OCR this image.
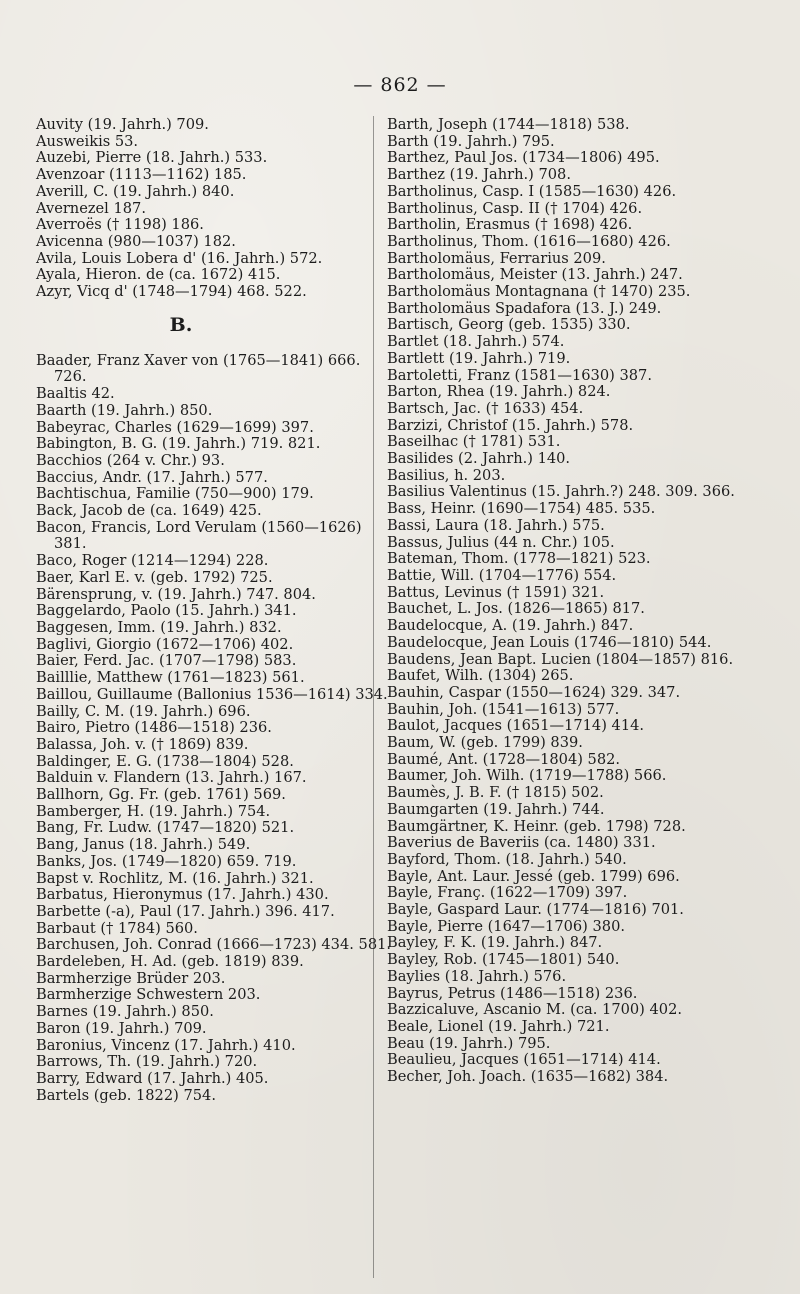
— 862 —

Auvity (19. Jahrh.) 709.

Ausweikis 53.

Auzebi, Pierre (18. Jahrh.) 533.

Avenzoar (1113—1162) 185.

Averill, C. (19. Jahrh.) 840.

Avernezel 187.

Averroës († 1198) 186.

Avicenna (980—1037) 182.

Avila, Louis Lobera d' (16. Jahrh.) 572.

Ayala, Hieron. de (ca. 1672) 415.

Azyr, Vicq d' (1748—1794) 468. 522.

B.

Baader, Franz Xaver von (1765—1841) 666. 726.

Baaltis 42.

Baarth (19. Jahrh.) 850.

Babeyrac, Charles (1629—1699) 397.

Babington, B. G. (19. Jahrh.) 719. 821.

Bacchios (264 v. Chr.) 93.

Baccius, Andr. (17. Jahrh.) 577.

Bachtischua, Familie (750—900) 179.

Back, Jacob de (ca. 1649) 425.

Bacon, Francis, Lord Verulam (1560—1626) 381.

Baco, Roger (1214—1294) 228.

Baer, Karl E. v. (geb. 1792) 725.

Bärensprung, v. (19. Jahrh.) 747. 804.

Baggelardo, Paolo (15. Jahrh.) 341.

Baggesen, Imm. (19. Jahrh.) 832.

Baglivi, Giorgio (1672—1706) 402.

Baier, Ferd. Jac. (1707—1798) 583.

Bailllie, Matthew (1761—1823) 561.

Baillou, Guillaume (Ballonius 1536—1614) 334.

Bailly, C. M. (19. Jahrh.) 696.

Bairo, Pietro (1486—1518) 236.

Balassa, Joh. v. († 1869) 839.

Baldinger, E. G. (1738—1804) 528.

Balduin v. Flandern (13. Jahrh.) 167.

Ballhorn, Gg. Fr. (geb. 1761) 569.

Bamberger, H. (19. Jahrh.) 754.

Bang, Fr. Ludw. (1747—1820) 521.

Bang, Janus (18. Jahrh.) 549.

Banks, Jos. (1749—1820) 659. 719.

Bapst v. Rochlitz, M. (16. Jahrh.) 321.

Barbatus, Hieronymus (17. Jahrh.) 430.

Barbette (-a), Paul (17. Jahrh.) 396. 417.

Barbaut († 1784) 560.

Barchusen, Joh. Conrad (1666—1723) 434. 581.

Bardeleben, H. Ad. (geb. 1819) 839.

Barmherzige Brüder 203.

Barmherzige Schwestern 203.

Barnes (19. Jahrh.) 850.

Baron (19. Jahrh.) 709.

Baronius, Vincenz (17. Jahrh.) 410.

Barrows, Th. (19. Jahrh.) 720.

Barry, Edward (17. Jahrh.) 405.

Bartels (geb. 1822) 754.

Barth, Joseph (1744—1818) 538.

Barth (19. Jahrh.) 795.

Barthez, Paul Jos. (1734—1806) 495.

Barthez (19. Jahrh.) 708.

Bartholinus, Casp. I (1585—1630) 426.

Bartholinus, Casp. II († 1704) 426.

Bartholin, Erasmus († 1698) 426.

Bartholinus, Thom. (1616—1680) 426.

Bartholomäus, Ferrarius 209.

Bartholomäus, Meister (13. Jahrh.) 247.

Bartholomäus Montagnana († 1470) 235.

Bartholomäus Spadafora (13. J.) 249.

Bartisch, Georg (geb. 1535) 330.

Bartlet (18. Jahrh.) 574.

Bartlett (19. Jahrh.) 719.

Bartoletti, Franz (1581—1630) 387.

Barton, Rhea (19. Jahrh.) 824.

Bartsch, Jac. († 1633) 454.

Barzizi, Christof (15. Jahrh.) 578.

Baseilhac († 1781) 531.

Basilides (2. Jahrh.) 140.

Basilius, h. 203.

Basilius Valentinus (15. Jahrh.?) 248. 309. 366.

Bass, Heinr. (1690—1754) 485. 535.

Bassi, Laura (18. Jahrh.) 575.

Bassus, Julius (44 n. Chr.) 105.

Bateman, Thom. (1778—1821) 523.

Battie, Will. (1704—1776) 554.

Battus, Levinus († 1591) 321.

Bauchet, L. Jos. (1826—1865) 817.

Baudelocque, A. (19. Jahrh.) 847.

Baudelocque, Jean Louis (1746—1810) 544.

Baudens, Jean Bapt. Lucien (1804—1857) 816.

Baufet, Wilh. (1304) 265.

Bauhin, Caspar (1550—1624) 329. 347.

Bauhin, Joh. (1541—1613) 577.

Baulot, Jacques (1651—1714) 414.

Baum, W. (geb. 1799) 839.

Baumé, Ant. (1728—1804) 582.

Baumer, Joh. Wilh. (1719—1788) 566.

Baumès, J. B. F. († 1815) 502.

Baumgarten (19. Jahrh.) 744.

Baumgärtner, K. Heinr. (geb. 1798) 728.

Baverius de Baveriis (ca. 1480) 331.

Bayford, Thom. (18. Jahrh.) 540.

Bayle, Ant. Laur. Jessé (geb. 1799) 696.

Bayle, Franç. (1622—1709) 397.

Bayle, Gaspard Laur. (1774—1816) 701.

Bayle, Pierre (1647—1706) 380.

Bayley, F. K. (19. Jahrh.) 847.

Bayley, Rob. (1745—1801) 540.

Baylies (18. Jahrh.) 576.

Bayrus, Petrus (1486—1518) 236.

Bazzicaluve, Ascanio M. (ca. 1700) 402.

Beale, Lionel (19. Jahrh.) 721.

Beau (19. Jahrh.) 795.

Beaulieu, Jacques (1651—1714) 414.

Becher, Joh. Joach. (1635—1682) 384.
